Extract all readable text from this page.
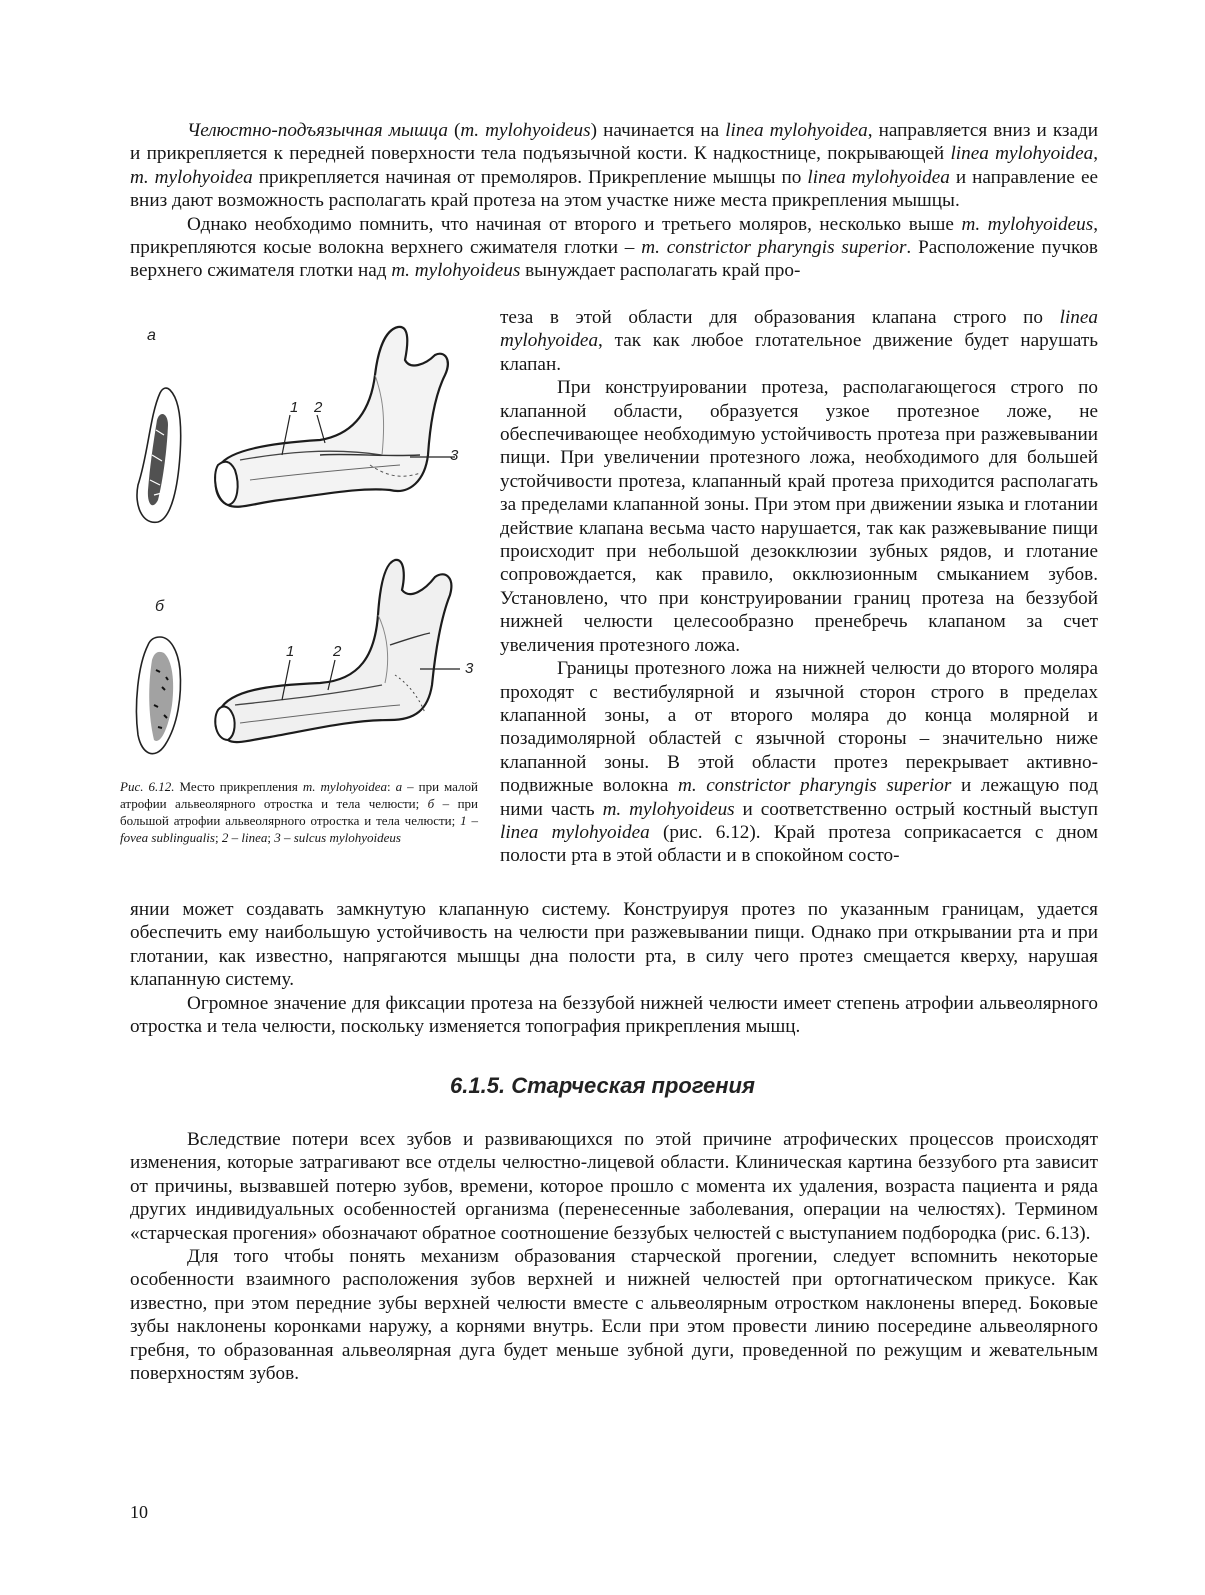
Челюстно-подъязычная мышца (m. mylohyoideus) начинается на linea mylohyoidea, направляется вниз и кзади и прикрепляется к передней поверхности тела подъязычной кости. К надкостнице, покрывающей linea mylohyoidea, m. mylohyoidea прикрепляется начиная от премоляров. Прикрепление мышцы по linea mylohyoidea и направление ее вниз дают возможность располагать край протеза на этом участке ниже места прикрепления мышцы.

Однако необходимо помнить, что начиная от второго и третьего моляров, несколько выше m. mylohyoideus, прикрепляются косые волокна верхнего сжимателя глотки – m. constrictor pharyngis superior. Расположение пучков верхнего сжимателя глотки над m. mylohyoideus вынуждает располагать край про-

а
б
1 2
3
1	2
3
Рис. 6.12. Место прикрепления m. mylohyoidea: а – при малой атрофии альвеолярного отростка и тела челюсти; б – при большой атрофии альвеолярного отростка и тела челюсти; 1 – fovea sublingualis; 2 – linea; 3 – sulcus mylohyoideus

теза в этой области для образования клапана строго по linea mylohyoidea, так как любое глотательное движение будет нарушать клапан.

При конструировании протеза, располагающегося строго по клапанной области, образуется узкое протезное ложе, не обеспечивающее необходимую устойчивость протеза при разжевывании пищи. При увеличении протезного ложа, необходимого для большей устойчивости протеза, клапанный край протеза приходится располагать за пределами клапанной зоны. При этом при движении языка и глотании действие клапана весьма часто нарушается, так как разжевывание пищи происходит при небольшой дезокклюзии зубных рядов, и глотание сопровождается, как правило, окклюзионным смыканием зубов. Установлено, что при конструировании границ протеза на беззубой нижней челюсти целесообразно пренебречь клапаном за счет увеличения протезного ложа.

Границы протезного ложа на нижней челюсти до второго моляра проходят с вестибулярной и язычной сторон строго в пределах клапанной зоны, а от второго моляра до конца молярной и позадимолярной областей с язычной стороны – значительно ниже клапанной зоны. В этой области протез перекрывает активно-подвижные волокна m. constrictor pharyngis superior и лежащую под ними часть m. mylohyoideus и соответственно острый костный выступ linea mylohyoidea (рис. 6.12). Край протеза соприкасается с дном полости рта в этой области и в спокойном состо-

янии может создавать замкнутую клапанную систему. Конструируя протез по указанным границам, удается обеспечить ему наибольшую устойчивость на челюсти при разжевывании пищи. Однако при открывании рта и при глотании, как известно, напрягаются мышцы дна полости рта, в силу чего протез смещается кверху, нарушая клапанную систему.

Огромное значение для фиксации протеза на беззубой нижней челюсти имеет степень атрофии альвеолярного отростка и тела челюсти, поскольку изменяется топография прикрепления мышц.

6.1.5. Старческая прогения

Вследствие потери всех зубов и развивающихся по этой причине атрофических процессов происходят изменения, которые затрагивают все отделы челюстно-лицевой области. Клиническая картина беззубого рта зависит от причины, вызвавшей потерю зубов, времени, которое прошло с момента их удаления, возраста пациента и ряда других индивидуальных особенностей организма (перенесенные заболевания, операции на челюстях). Термином «старческая прогения» обозначают обратное соотношение беззубых челюстей с выступанием подбородка (рис. 6.13).

Для того чтобы понять механизм образования старческой прогении, следует вспомнить некоторые особенности взаимного расположения зубов верхней и нижней челюстей при ортогнатическом прикусе. Как известно, при этом передние зубы верхней челюсти вместе с альвеолярным отростком наклонены вперед. Боковые зубы наклонены коронками наружу, а корнями внутрь. Если при этом провести линию посередине альвеолярного гребня, то образованная альвеолярная дуга будет меньше зубной дуги, проведенной по режущим и жевательным поверхностям зубов.

10
